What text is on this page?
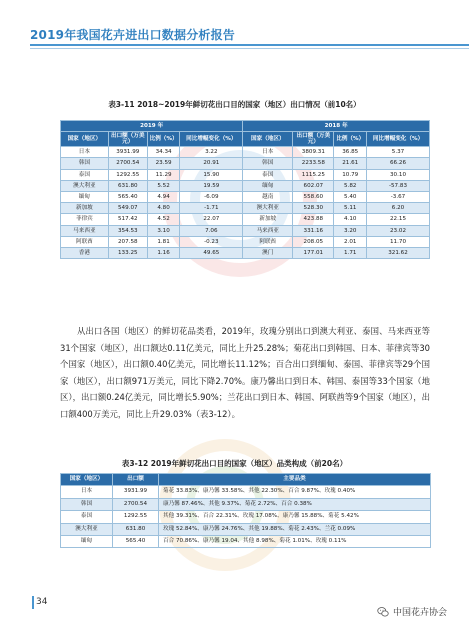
2019年我国花卉进出口数据分析报告
表3-11 2018~2019年鲜切花出口目的国家（地区）出口情况（前10名）
2019 年				2018 年			
国家（地区）	出口额（万美元）	比例（%）	同比增幅变化（%）	国家（地区）	出口额（万美元）	比例（%）	同比增幅变化（%）
日本	3931.99	34.34	3.22	日本	3809.31	36.85	5.37
韩国	2700.54	23.59	20.91	韩国	2233.58	21.61	66.26
泰国	1292.55	11.29	15.90	泰国	1115.25	10.79	30.10
澳大利亚	631.80	5.52	19.59	缅甸	602.07	5.82	-57.83
缅甸	565.40	4.94	-6.09	越南	558.60	5.40	-3.67
新加坡	549.07	4.80	-1.71	澳大利亚	528.30	5.11	6.20
菲律宾	517.42	4.52	22.07	新加坡	423.88	4.10	22.15
马来西亚	354.53	3.10	7.06	马来西亚	331.16	3.20	23.02
阿联酋	207.58	1.81	-0.23	阿联酋	208.05	2.01	11.70
香港	133.25	1.16	49.65	澳门	177.01	1.71	321.62

从出口各国（地区）的鲜切花品类看，2019年，玫瑰分别出口到澳大利亚、泰国、马来西亚等31个国家（地区），出口额达0.11亿美元，同比上升25.28%；菊花出口到韩国、日本、菲律宾等30个国家（地区），出口额0.40亿美元，同比增长11.12%；百合出口到缅甸、泰国、菲律宾等29个国家（地区），出口额971万美元，同比下降2.70%。康乃馨出口到日本、韩国、泰国等33个国家（地区），出口额0.24亿美元，同比增长5.90%；兰花出口到日本、韩国、阿联酋等9个国家（地区），出口额400万美元，同比上升29.03%（表3-12）。

表3-12 2019年鲜切花出口目的国家（地区）品类构成（前20名）
国家（地区）	出口额	主要品类
日本	3931.99	菊花 33.83%、康乃馨 33.58%、其他 22.30%、百合 9.87%、玫瑰 0.40%
韩国	2700.54	康乃馨 87.46%、其他 9.37%、菊花 2.72%、百合 0.38%
泰国	1292.55	其他 39.31%、百合 22.31%、玫瑰 17.08%、康乃馨 15.88%、菊花 5.42%
澳大利亚	631.80	玫瑰 52.84%、康乃馨 24.76%、其他 19.88%、菊花 2.43%、兰花 0.09%
缅甸	565.40	百合 70.86%、康乃馨 19.04、其他 8.98%、菊花 1.01%、玫瑰 0.11%
34
中国花卉协会
